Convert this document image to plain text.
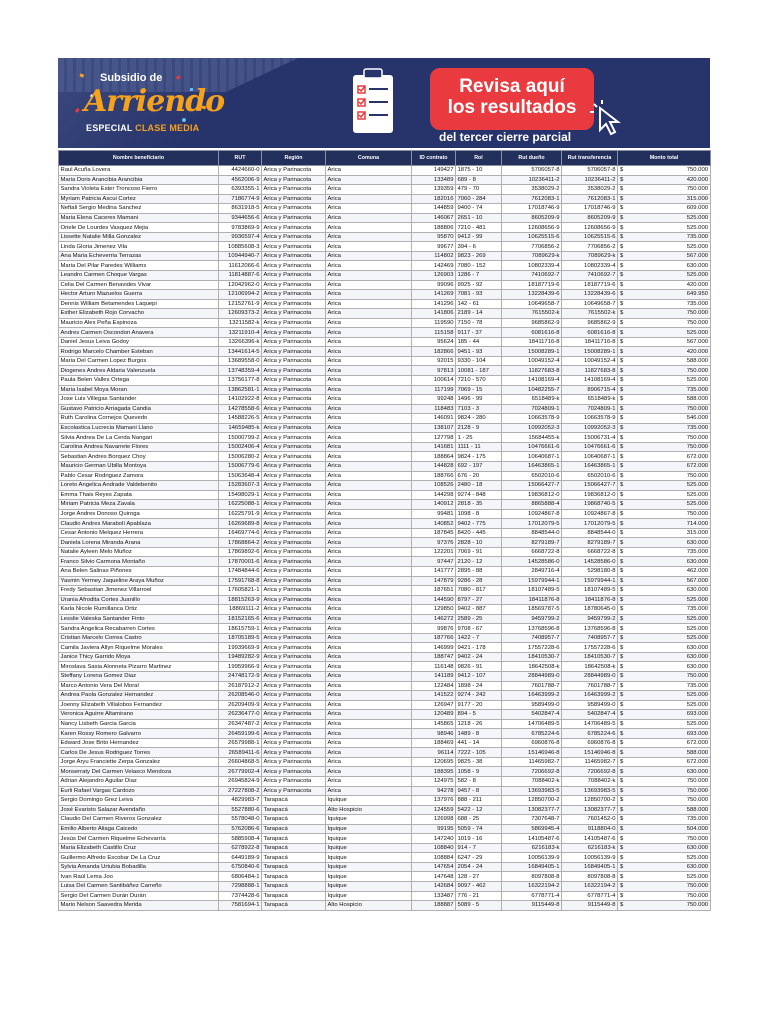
Subsidio de
Arriendo
ESPECIAL CLASE MEDIA
Revisa aquí
los resultados
del tercer cierre parcial
Nombre beneficiario	RUT	Región	Comuna	ID contrato	Rol	Rut dueño	Rut transferencia	Monto total
Raul Acuña Lovera	4424660-0	Arica y Parinacota	Arica	149427	1875 - 10	5706057-8	5706057-8	$ 750.000

Maria Doris Arancibia Arancibia	4562006-9	Arica y Parinacota	Arica	133489	689 - 8	10236411-2	10236411-2	$ 420.000

Sandra Violeta Ester Troncoso Fierro	6393355-1	Arica y Parinacota	Arica	139359	479 - 70	3538029-2	3538029-2	$ 750.000

Myriam Patricia Ascui Cortez	7186774-9	Arica y Parinacota	Arica	182016	7060 - 284	7612083-1	7612083-1	$ 315.000

Neftali Sergio Medina Sanchez	8631918-5	Arica y Parinacota	Arica	144859	9400 - 74	17018746-9	17018746-9	$ 609.000

Maria Elena Caceres Mamani	9344656-6	Arica y Parinacota	Arica	146067	2651 - 10	8605209-9	8605209-9	$ 525.000

Oriele De Lourdes Vasquez Mejia	9783869-9	Arica y Parinacota	Arica	188806	7210 - 481	12608656-9	12608656-9	$ 525.000

Lissette Natalie Milla Gonzalez	9936597-4	Arica y Parinacota	Arica	95870	9412 - 99	10625515-6	10625515-6	$ 735.000

Linda Gloria Jimenez Vila	10885608-3	Arica y Parinacota	Arica	99677	394 - 6	7706856-2	7706856-2	$ 525.000

Ana Maria Echeverria Terrazas	10944940-7	Arica y Parinacota	Arica	114802	9823 - 269	7089629-k	7089629-k	$ 567.000

Maria Del Pilar Paredes Williams	11612066-6	Arica y Parinacota	Arica	142469	7080 - 152	10802339-4	10802339-4	$ 630.000

Leandro Carmen Choque Vargas	11814887-6	Arica y Parinacota	Arica	126903	1286 - 7	7410692-7	7410692-7	$ 525.000

Celia Del Carmen Benavides Vivar	12042962-0	Arica y Parinacota	Arica	99096	9925 - 92	18187719-6	18187719-6	$ 420.000

Hector Arturo Mazuelos Guerra	12106994-2	Arica y Parinacota	Arica	141269	7081 - 93	13228439-6	13228439-6	$ 649.950

Dennis William Betamendes Laquepi	12152761-9	Arica y Parinacota	Arica	141296	142 - 61	10649658-7	10649658-7	$ 735.000

Esther Elizabeth Rojo Corvacho	12609373-2	Arica y Parinacota	Arica	141806	2189 - 14	7615502-k	7615502-k	$ 750.000

Mauricio Alex Peña Espinoza	13211582-k	Arica y Parinacota	Arica	119590	7150 - 78	9685862-9	9685862-9	$ 750.000

Andres Carmen Oscondon Anavera	13211910-4	Arica y Parinacota	Arica	115158	9117 - 37	6081616-8	6081616-8	$ 525.000

Daniel Jesus Leiva Godoy	13266396-k	Arica y Parinacota	Arica	95624	185 - 44	18411716-8	18411716-8	$ 567.000

Rodrigo Marcelo Chamber Esteban	13441614-5	Arica y Parinacota	Arica	182866	9451 - 93	15008289-1	15008289-1	$ 420.000

Maria Del Carmen Lopez Burgos	13689558-0	Arica y Parinacota	Arica	92015	9330 - 104	10049152-4	10049152-4	$ 588.000

Diogenes Andres Aldaria Valenzuela	13748359-4	Arica y Parinacota	Arica	97813	10081 - 187	11827683-8	11827683-8	$ 750.000

Paula Belen Valles Ortega	13756177-8	Arica y Parinacota	Arica	100614	7210 - 570	14108169-4	14108169-4	$ 525.000

Maria Isabel Moya Moran	13862581-1	Arica y Parinacota	Arica	117199	7069 - 15	10482255-7	8906715-4	$ 735.000

Jose Luis Villegas Santander	14102922-8	Arica y Parinacota	Arica	99248	1496 - 99	6518489-k	6518489-k	$ 588.000

Gustavo Patricio Arriagada Candia	14278558-6	Arica y Parinacota	Arica	118483	7103 - 3	7024809-1	7024809-1	$ 750.000

Ruth Carolina Cornejos Quevedo	14588226-5	Arica y Parinacota	Arica	146091	9824 - 280	10663578-9	10663578-9	$ 546.000

Escolastica Lucrecia Mamani Llano	14659485-k	Arica y Parinacota	Arica	138107	2128 - 9	10992052-3	10992052-3	$ 735.000

Silvia Andrea De La Cerda Nangari	15000799-2	Arica y Parinacota	Arica	127798	1 - 25	15684455-k	15006731-4	$ 750.000

Carolina Andrea Navarrete Flores	15002406-4	Arica y Parinacota	Arica	141681	1111 - 11	10476661-6	10476661-6	$ 750.000

Sebastian Andres Borquez Choy	15006280-2	Arica y Parinacota	Arica	188864	9824 - 175	10640687-1	10640687-1	$ 672.000

Mauricio German Ubilla Montoya	15006779-6	Arica y Parinacota	Arica	144828	692 - 197	16463865-1	16463865-1	$ 672.000

Pablo Cesar Rodriguez Zamora	15063648-4	Arica y Parinacota	Arica	188766	676 - 20	6502010-6	6502010-6	$ 750.000

Loreto Angelica Andrade Valdebenito	15283607-3	Arica y Parinacota	Arica	108526	2480 - 18	15066427-7	15066427-7	$ 525.000

Emma Thais Reyes Zapata	15498029-1	Arica y Parinacota	Arica	144298	9274 - 848	19836812-0	19836812-0	$ 525.000

Miriam Patricia Meza Zavala	16225088-1	Arica y Parinacota	Arica	140912	2818 - 35	8865888-4	19868740-5	$ 525.000

Jorge Andres Donoso Quiroga	16225791-9	Arica y Parinacota	Arica	99481	1098 - 8	10924867-8	10924867-8	$ 750.000

Claudio Andres Marabolí Apablaza	16269689-8	Arica y Parinacota	Arica	140852	9402 - 775	17012079-5	17012079-5	$ 714.000

Cesar Antonio Melquez Herrera	16469774-6	Arica y Parinacota	Arica	187845	8420 - 445	8848544-0	8848544-0	$ 315.000

Daniela Lorena Miranda Arana	17868864-2	Arica y Parinacota	Arica	97376	2828 - 10	8279189-7	8279189-7	$ 630.000

Natalie Ayleen Melo Muñoz	17869892-6	Arica y Parinacota	Arica	122201	7069 - 91	6668722-8	6668722-8	$ 735.000

Franco Silvio Carmona Montaño	17870001-6	Arica y Parinacota	Arica	97447	2120 - 12	14528586-0	14528586-0	$ 630.000

Ana Belen Salinas Piñones	17484844-6	Arica y Parinacota	Arica	141777	2895 - 88	2849716-4	5298180-8	$ 462.000

Yasmin Yermey Jaqueline Araya Muñoz	17591768-8	Arica y Parinacota	Arica	147879	9286 - 28	15979944-1	15979944-1	$ 567.000

Fredy Sebastian Jimenez Villarroel	17605821-1	Arica y Parinacota	Arica	187651	7080 - 817	18107489-5	18107489-5	$ 630.000

Urania Afrodita Cortes Juanillo	18815263-9	Arica y Parinacota	Arica	144590	8797 - 27	18411876-8	18411876-8	$ 525.000

Karla Nicole Rumillanca Ortiz	18869111-2	Arica y Parinacota	Arica	129850	9402 - 887	18569787-5	18780645-0	$ 735.000

Lesslie Valeska Santander Finto	18152165-6	Arica y Parinacota	Arica	146272	2589 - 25	9459799-2	9459799-2	$ 525.000

Sandra Angelica Recabarren Cortes	18615759-1	Arica y Parinacota	Arica	99876	9708 - 67	13768596-8	13768596-8	$ 525.000

Cristian Marcelo Correa Castro	18705189-5	Arica y Parinacota	Arica	187766	1422 - 7	7408957-7	7408957-7	$ 525.000

Camila Javiera Allyn Riquelme Morales	19939669-9	Arica y Parinacota	Arica	146999	9421 - 178	17557228-6	17557228-6	$ 630.000

Janice Thicy Garrido Moya	19489282-9	Arica y Parinacota	Arica	188747	9402 - 24	18410530-7	18410530-7	$ 630.000

Miroslava Sasia Alonneta Pizarro Martinez	19959966-9	Arica y Parinacota	Arica	116148	9826 - 91	18642508-k	18642508-k	$ 630.000

Steffany Lorena Gomez Diaz	24748172-9	Arica y Parinacota	Arica	141189	9412 - 107	28844989-0	28844989-0	$ 750.000

Marco Antonio Vera Del Moral	26187912-2	Arica y Parinacota	Arica	122484	1898 - 24	7601788-7	7601788-7	$ 735.000

Andrea Paola Gonzalez Hernandez	26208546-0	Arica y Parinacota	Arica	141522	9274 - 242	16463999-2	16463999-2	$ 525.000

Joenny Elizabeth Villalobos Fernandez	26209409-9	Arica y Parinacota	Arica	126947	9177 - 20	9589499-0	9589499-0	$ 525.000

Veronica Aguirre Altamirano	26236477-0	Arica y Parinacota	Arica	120489	894 - 5	5402847-4	5402847-4	$ 693.000

Nancy Lisbeth Garcia Garcia	26347487-2	Arica y Parinacota	Arica	145865	1218 - 26	14706489-5	14706489-5	$ 525.000

Karen Rossy Romero Galvarro	26459199-6	Arica y Parinacota	Arica	98946	1489 - 8	6785224-6	6785224-6	$ 693.000

Edward Jose Brito Hernandez	26579988-1	Arica y Parinacota	Arica	188469	441 - 14	6960876-8	6960876-8	$ 672.000

Carlos De Jesus Rodriguez Torres	26589411-6	Arica y Parinacota	Arica	96114	7222 - 105	15146946-8	15146946-8	$ 588.000

Jorge Aryu Franciette Zerpa Gonzalez	26604868-5	Arica y Parinacota	Arica	120695	9825 - 38	11465982-7	11465982-7	$ 672.000

Monserraty Del Carmen Velasco Mendoza	26779902-4	Arica y Parinacota	Arica	188395	1058 - 9	7206692-8	7206692-8	$ 630.000

Adrian Alejandro Aguilar Diaz	26945824-9	Arica y Parinacota	Arica	124975	582 - 8	7088402-k	7088402-k	$ 750.000

Eurli Rafael Vargas Cardozo	27227808-2	Arica y Parinacota	Arica	94278	9457 - 8	13693983-5	13693983-5	$ 750.000

Sergio Domingo Grez Leiva	4829983-7	Tarapacá	Iquique	137976	888 - 211	12850700-2	12850700-2	$ 750.000

José Evaristo Salazar Avendaño	5527880-6	Tarapacá	Alto Hospicio	124559	5422 - 12	13082377-7	13082377-7	$ 588.000

Claudio Del Carmen Riveros Gonzalez	5578048-0	Tarapacá	Iquique	126998	688 - 25	7307648-7	7601452-0	$ 735.000

Emilio Alberto Aliaga Caicedo	5762086-6	Tarapacá	Iquique	99195	5059 - 74	5869945-4	9118804-0	$ 504.000

Jesús Del Carmen Riquelme Echevarría	5885908-4	Tarapacá	Iquique	147240	1019 - 16	14105487-6	14105487-6	$ 750.000

Maria Elizabeth Castillo Cruz	6278922-8	Tarapacá	Iquique	108840	914 - 7	6216183-k	6216183-k	$ 630.000

Guillermo Alfredo Escobar De La Cruz	6449189-9	Tarapacá	Iquique	108884	6247 - 29	10056139-9	10056139-9	$ 525.000

Sylvia Amanda Urtubia Bobadilla	6750840-6	Tarapacá	Iquique	147654	2054 - 24	16849405-1	16849405-1	$ 630.000

Ivan Raúl Lema Joo	6806484-1	Tarapacá	Iquique	147648	128 - 27	8097808-8	8097808-8	$ 525.000

Luisa Del Carmen Santibáñez Carreño	7298888-1	Tarapacá	Iquique	142684	9097 - 462	16322194-2	16322194-2	$ 750.000

Sergio Del Carmen Durán Durán	7374428-6	Tarapacá	Iquique	133487	776 - 21	6778771-4	6778771-4	$ 750.000

Mario Nelson Saavedra Merida	7581694-1	Tarapacá	Alto Hospicio	188887	5089 - 5	9115449-8	9115449-8	$ 750.000
